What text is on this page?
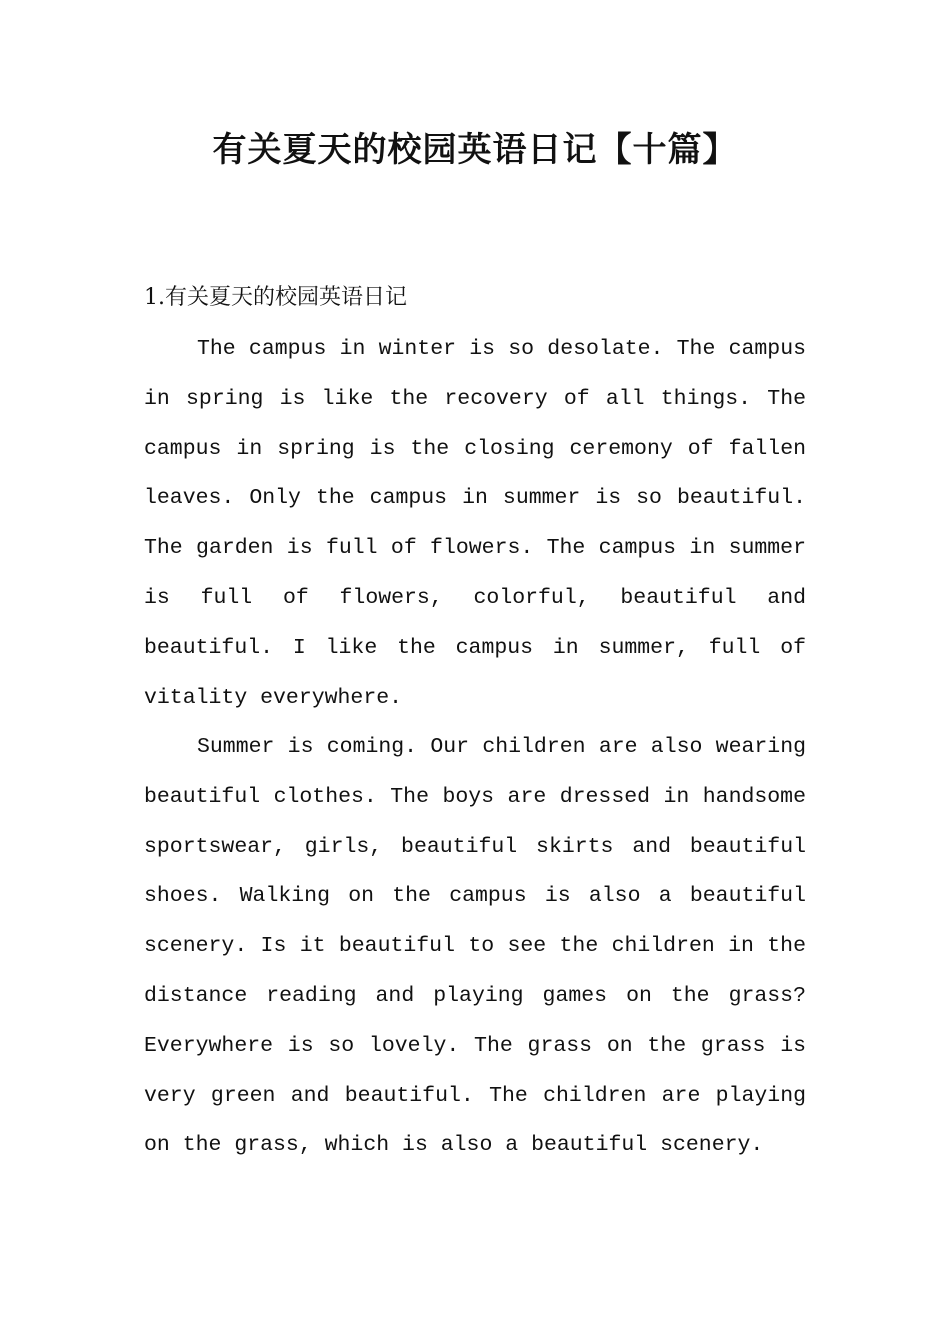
有关夏天的校园英语日记【十篇】
1.有关夏天的校园英语日记

The campus in winter is so desolate. The campus in spring is like the recovery of all things. The campus in spring is the closing ceremony of fallen leaves. Only the campus in summer is so beautiful. The garden is full of flowers. The campus in summer is full of flowers, colorful, beautiful and beautiful. I like the campus in summer, full of vitality everywhere.

Summer is coming. Our children are also wearing beautiful clothes. The boys are dressed in handsome sportswear, girls, beautiful skirts and beautiful shoes. Walking on the campus is also a beautiful scenery. Is it beautiful to see the children in the distance reading and playing games on the grass? Everywhere is so lovely. The grass on the grass is very green and beautiful. The children are playing on the grass, which is also a beautiful scenery.
